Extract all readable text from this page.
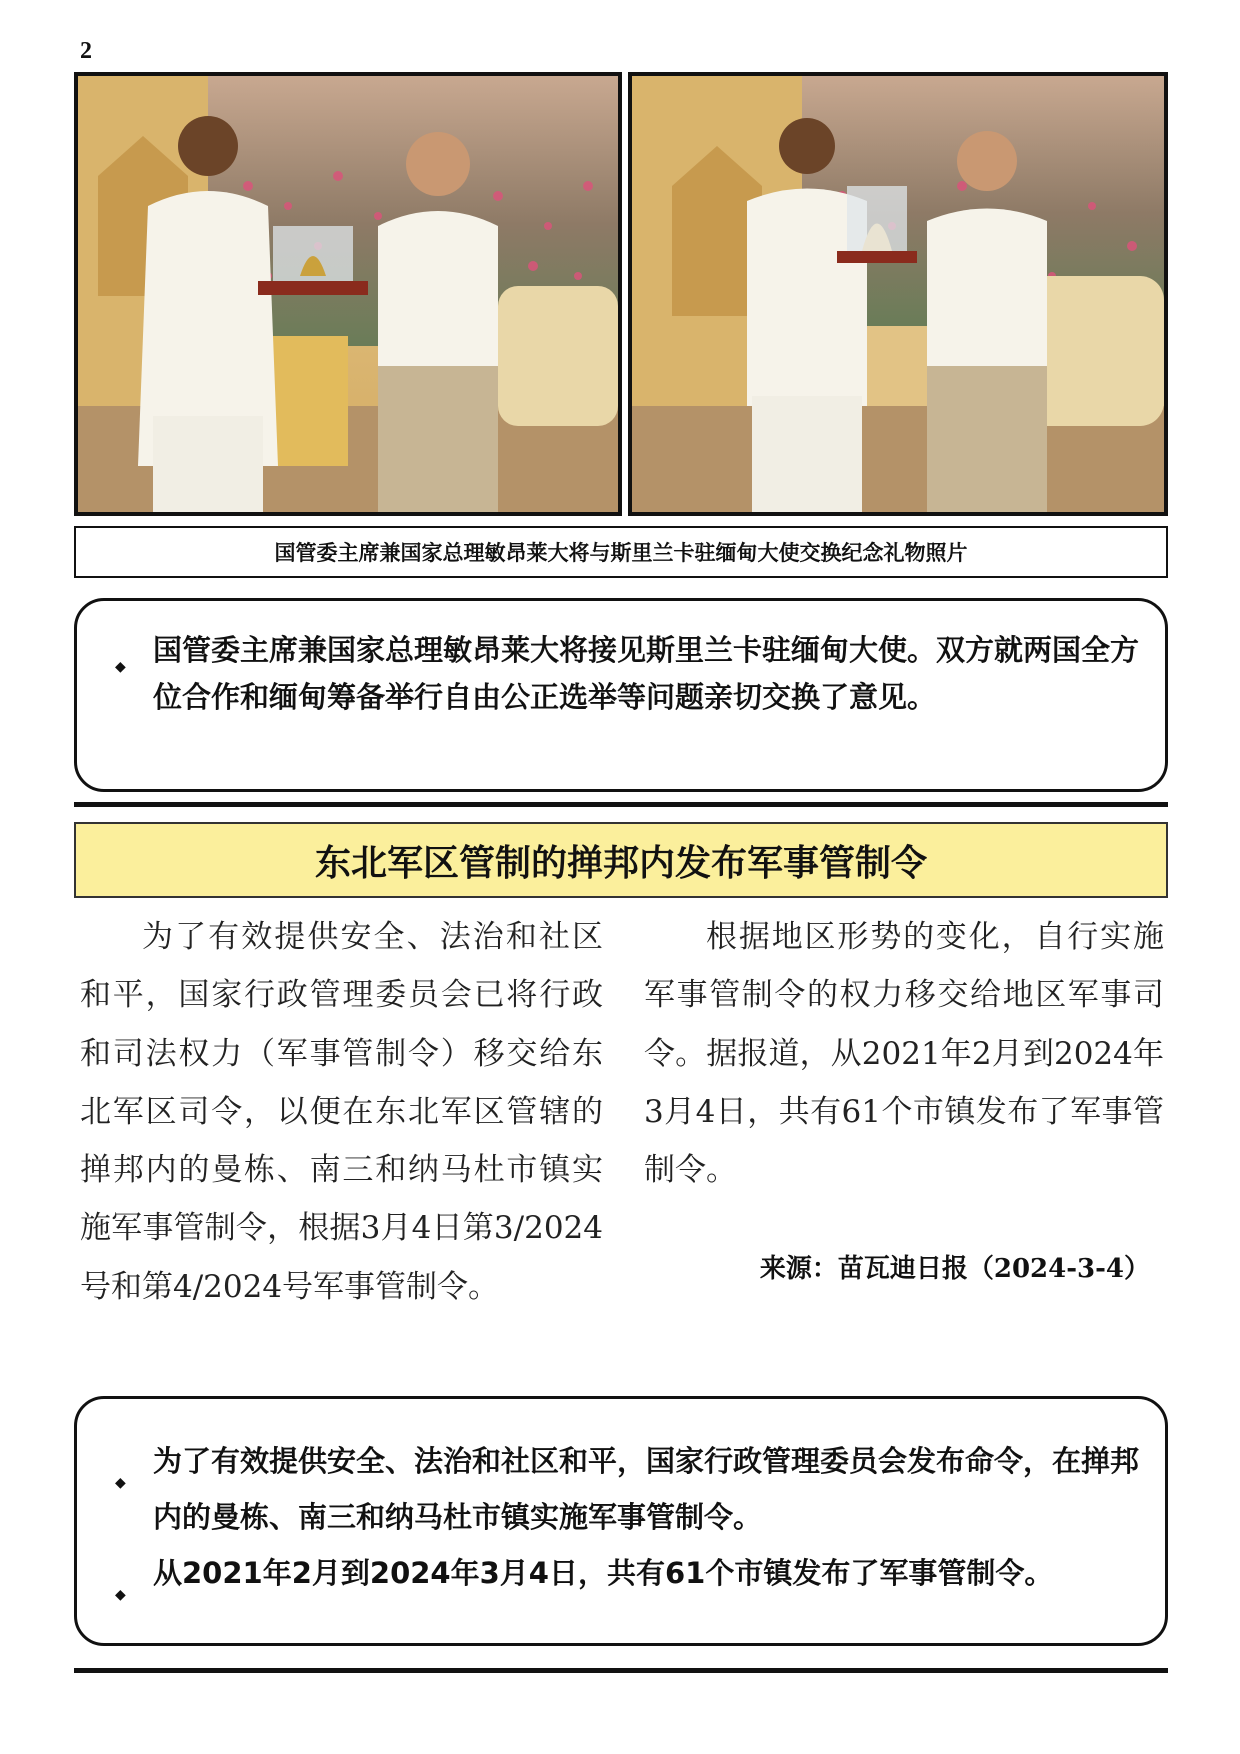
2
国管委主席兼国家总理敏昂莱大将与斯里兰卡驻缅甸大使交换纪念礼物照片
◆ 国管委主席兼国家总理敏昂莱大将接见斯里兰卡驻缅甸大使。双方就两国全方位合作和缅甸筹备举行自由公正选举等问题亲切交换了意见。
东北军区管制的掸邦内发布军事管制令

为了有效提供安全、法治和社区和平，国家行政管理委员会已将行政和司法权力（军事管制令）移交给东北军区司令，以便在东北军区管辖的掸邦内的曼栋、南三和纳马杜市镇实施军事管制令，根据3月4日第3/2024号和第4/2024号军事管制令。

根据地区形势的变化，自行实施军事管制令的权力移交给地区军事司令。据报道，从2021年2月到2024年3月4日，共有61个市镇发布了军事管制令。

来源：苗瓦迪日报（2024-3-4）
◆
为了有效提供安全、法治和社区和平，国家行政管理委员会发布命令，在掸邦内的曼栋、南三和纳马杜市镇实施军事管制令。
◆
从2021年2月到2024年3月4日，共有61个市镇发布了军事管制令。
